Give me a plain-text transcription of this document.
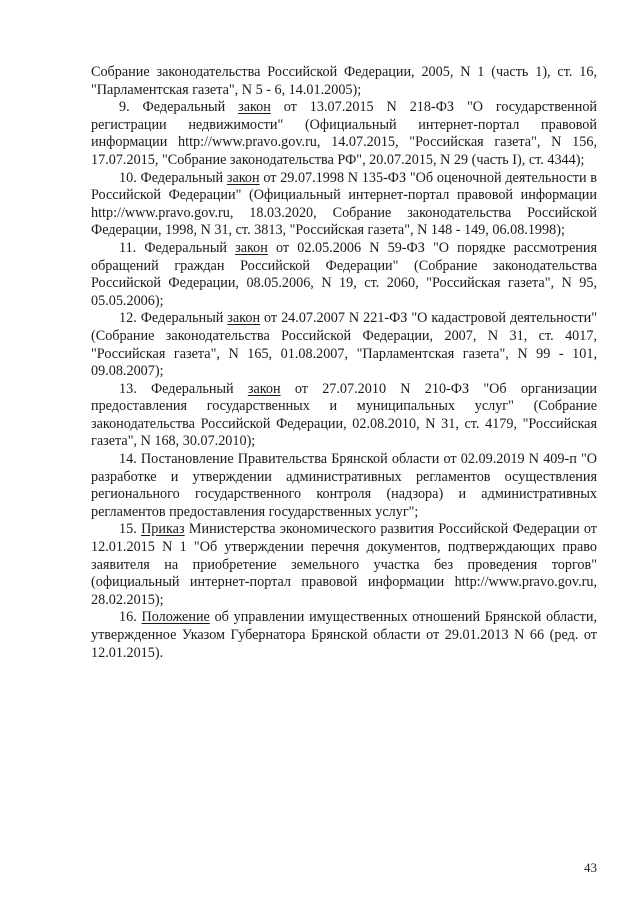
Собрание законодательства Российской Федерации, 2005, N 1 (часть 1), ст. 16, "Парламентская газета", N 5 - 6, 14.01.2005);

9. Федеральный закон от 13.07.2015 N 218-ФЗ "О государственной регистрации недвижимости" (Официальный интернет-портал правовой информации http://www.pravo.gov.ru, 14.07.2015, "Российская газета", N 156, 17.07.2015, "Собрание законодательства РФ", 20.07.2015, N 29 (часть I), ст. 4344);

10. Федеральный закон от 29.07.1998 N 135-ФЗ "Об оценочной деятельности в Российской Федерации" (Официальный интернет-портал правовой информации http://www.pravo.gov.ru, 18.03.2020, Собрание законодательства Российской Федерации, 1998, N 31, ст. 3813, "Российская газета", N 148 - 149, 06.08.1998);

11. Федеральный закон от 02.05.2006 N 59-ФЗ "О порядке рассмотрения обращений граждан Российской Федерации" (Собрание законодательства Российской Федерации, 08.05.2006, N 19, ст. 2060, "Российская газета", N 95, 05.05.2006);

12. Федеральный закон от 24.07.2007 N 221-ФЗ "О кадастровой деятельности" (Собрание законодательства Российской Федерации, 2007, N 31, ст. 4017, "Российская газета", N 165, 01.08.2007, "Парламентская газета", N 99 - 101, 09.08.2007);

13. Федеральный закон от 27.07.2010 N 210-ФЗ "Об организации предоставления государственных и муниципальных услуг" (Собрание законодательства Российской Федерации, 02.08.2010, N 31, ст. 4179, "Российская газета", N 168, 30.07.2010);

14. Постановление Правительства Брянской области от 02.09.2019 N 409-п "О разработке и утверждении административных регламентов осуществления регионального государственного контроля (надзора) и административных регламентов предоставления государственных услуг";

15. Приказ Министерства экономического развития Российской Федерации от 12.01.2015 N 1 "Об утверждении перечня документов, подтверждающих право заявителя на приобретение земельного участка без проведения торгов" (официальный интернет-портал правовой информации http://www.pravo.gov.ru, 28.02.2015);

16. Положение об управлении имущественных отношений Брянской области, утвержденное Указом Губернатора Брянской области от 29.01.2013 N 66 (ред. от 12.01.2015).

43
